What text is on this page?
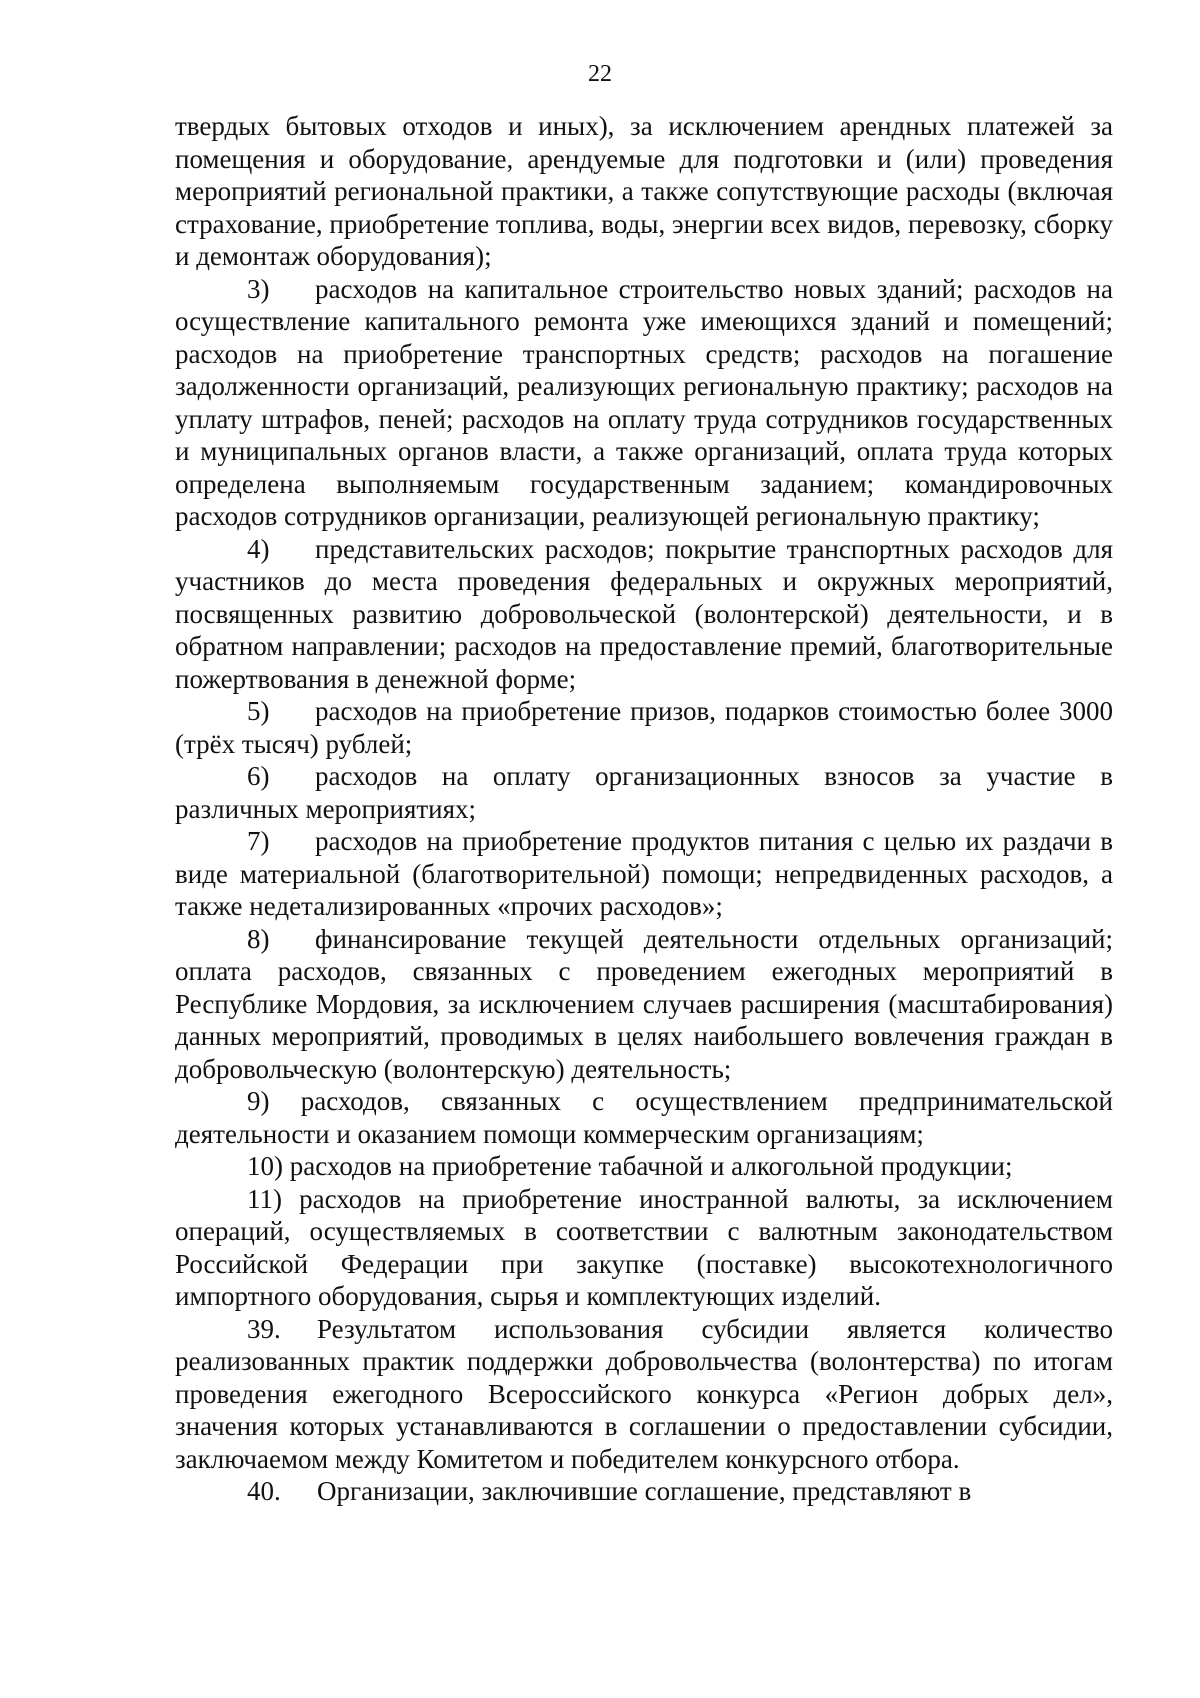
22

твердых бытовых отходов и иных), за исключением арендных платежей за помещения и оборудование, арендуемые для подготовки и (или) проведения мероприятий региональной практики, а также сопутствующие расходы (включая страхование, приобретение топлива, воды, энергии всех видов, перевозку, сборку и демонтаж оборудования);

3) расходов на капитальное строительство новых зданий; расходов на осуществление капитального ремонта уже имеющихся зданий и помещений; расходов на приобретение транспортных средств; расходов на погашение задолженности организаций, реализующих региональную практику; расходов на уплату штрафов, пеней; расходов на оплату труда сотрудников государственных и муниципальных органов власти, а также организаций, оплата труда которых определена выполняемым государственным заданием; командировочных расходов сотрудников организации, реализующей региональную практику;

4) представительских расходов; покрытие транспортных расходов для участников до места проведения федеральных и окружных мероприятий, посвященных развитию добровольческой (волонтерской) деятельности, и в обратном направлении; расходов на предоставление премий, благотворительные пожертвования в денежной форме;

5) расходов на приобретение призов, подарков стоимостью более 3000 (трёх тысяч) рублей;

6) расходов на оплату организационных взносов за участие в различных мероприятиях;

7) расходов на приобретение продуктов питания с целью их раздачи в виде материальной (благотворительной) помощи; непредвиденных расходов, а также недетализированных «прочих расходов»;

8) финансирование текущей деятельности отдельных организаций; оплата расходов, связанных с проведением ежегодных мероприятий в Республике Мордовия, за исключением случаев расширения (масштабирования) данных мероприятий, проводимых в целях наибольшего вовлечения граждан в добровольческую (волонтерскую) деятельность;

9) расходов, связанных с осуществлением предпринимательской деятельности и оказанием помощи коммерческим организациям;

10) расходов на приобретение табачной и алкогольной продукции;

11) расходов на приобретение иностранной валюты, за исключением операций, осуществляемых в соответствии с валютным законодательством Российской Федерации при закупке (поставке) высокотехнологичного импортного оборудования, сырья и комплектующих изделий.

39. Результатом использования субсидии является количество реализованных практик поддержки добровольчества (волонтерства) по итогам проведения ежегодного Всероссийского конкурса «Регион добрых дел», значения которых устанавливаются в соглашении о предоставлении субсидии, заключаемом между Комитетом и победителем конкурсного отбора.

40. Организации, заключившие соглашение, представляют в
